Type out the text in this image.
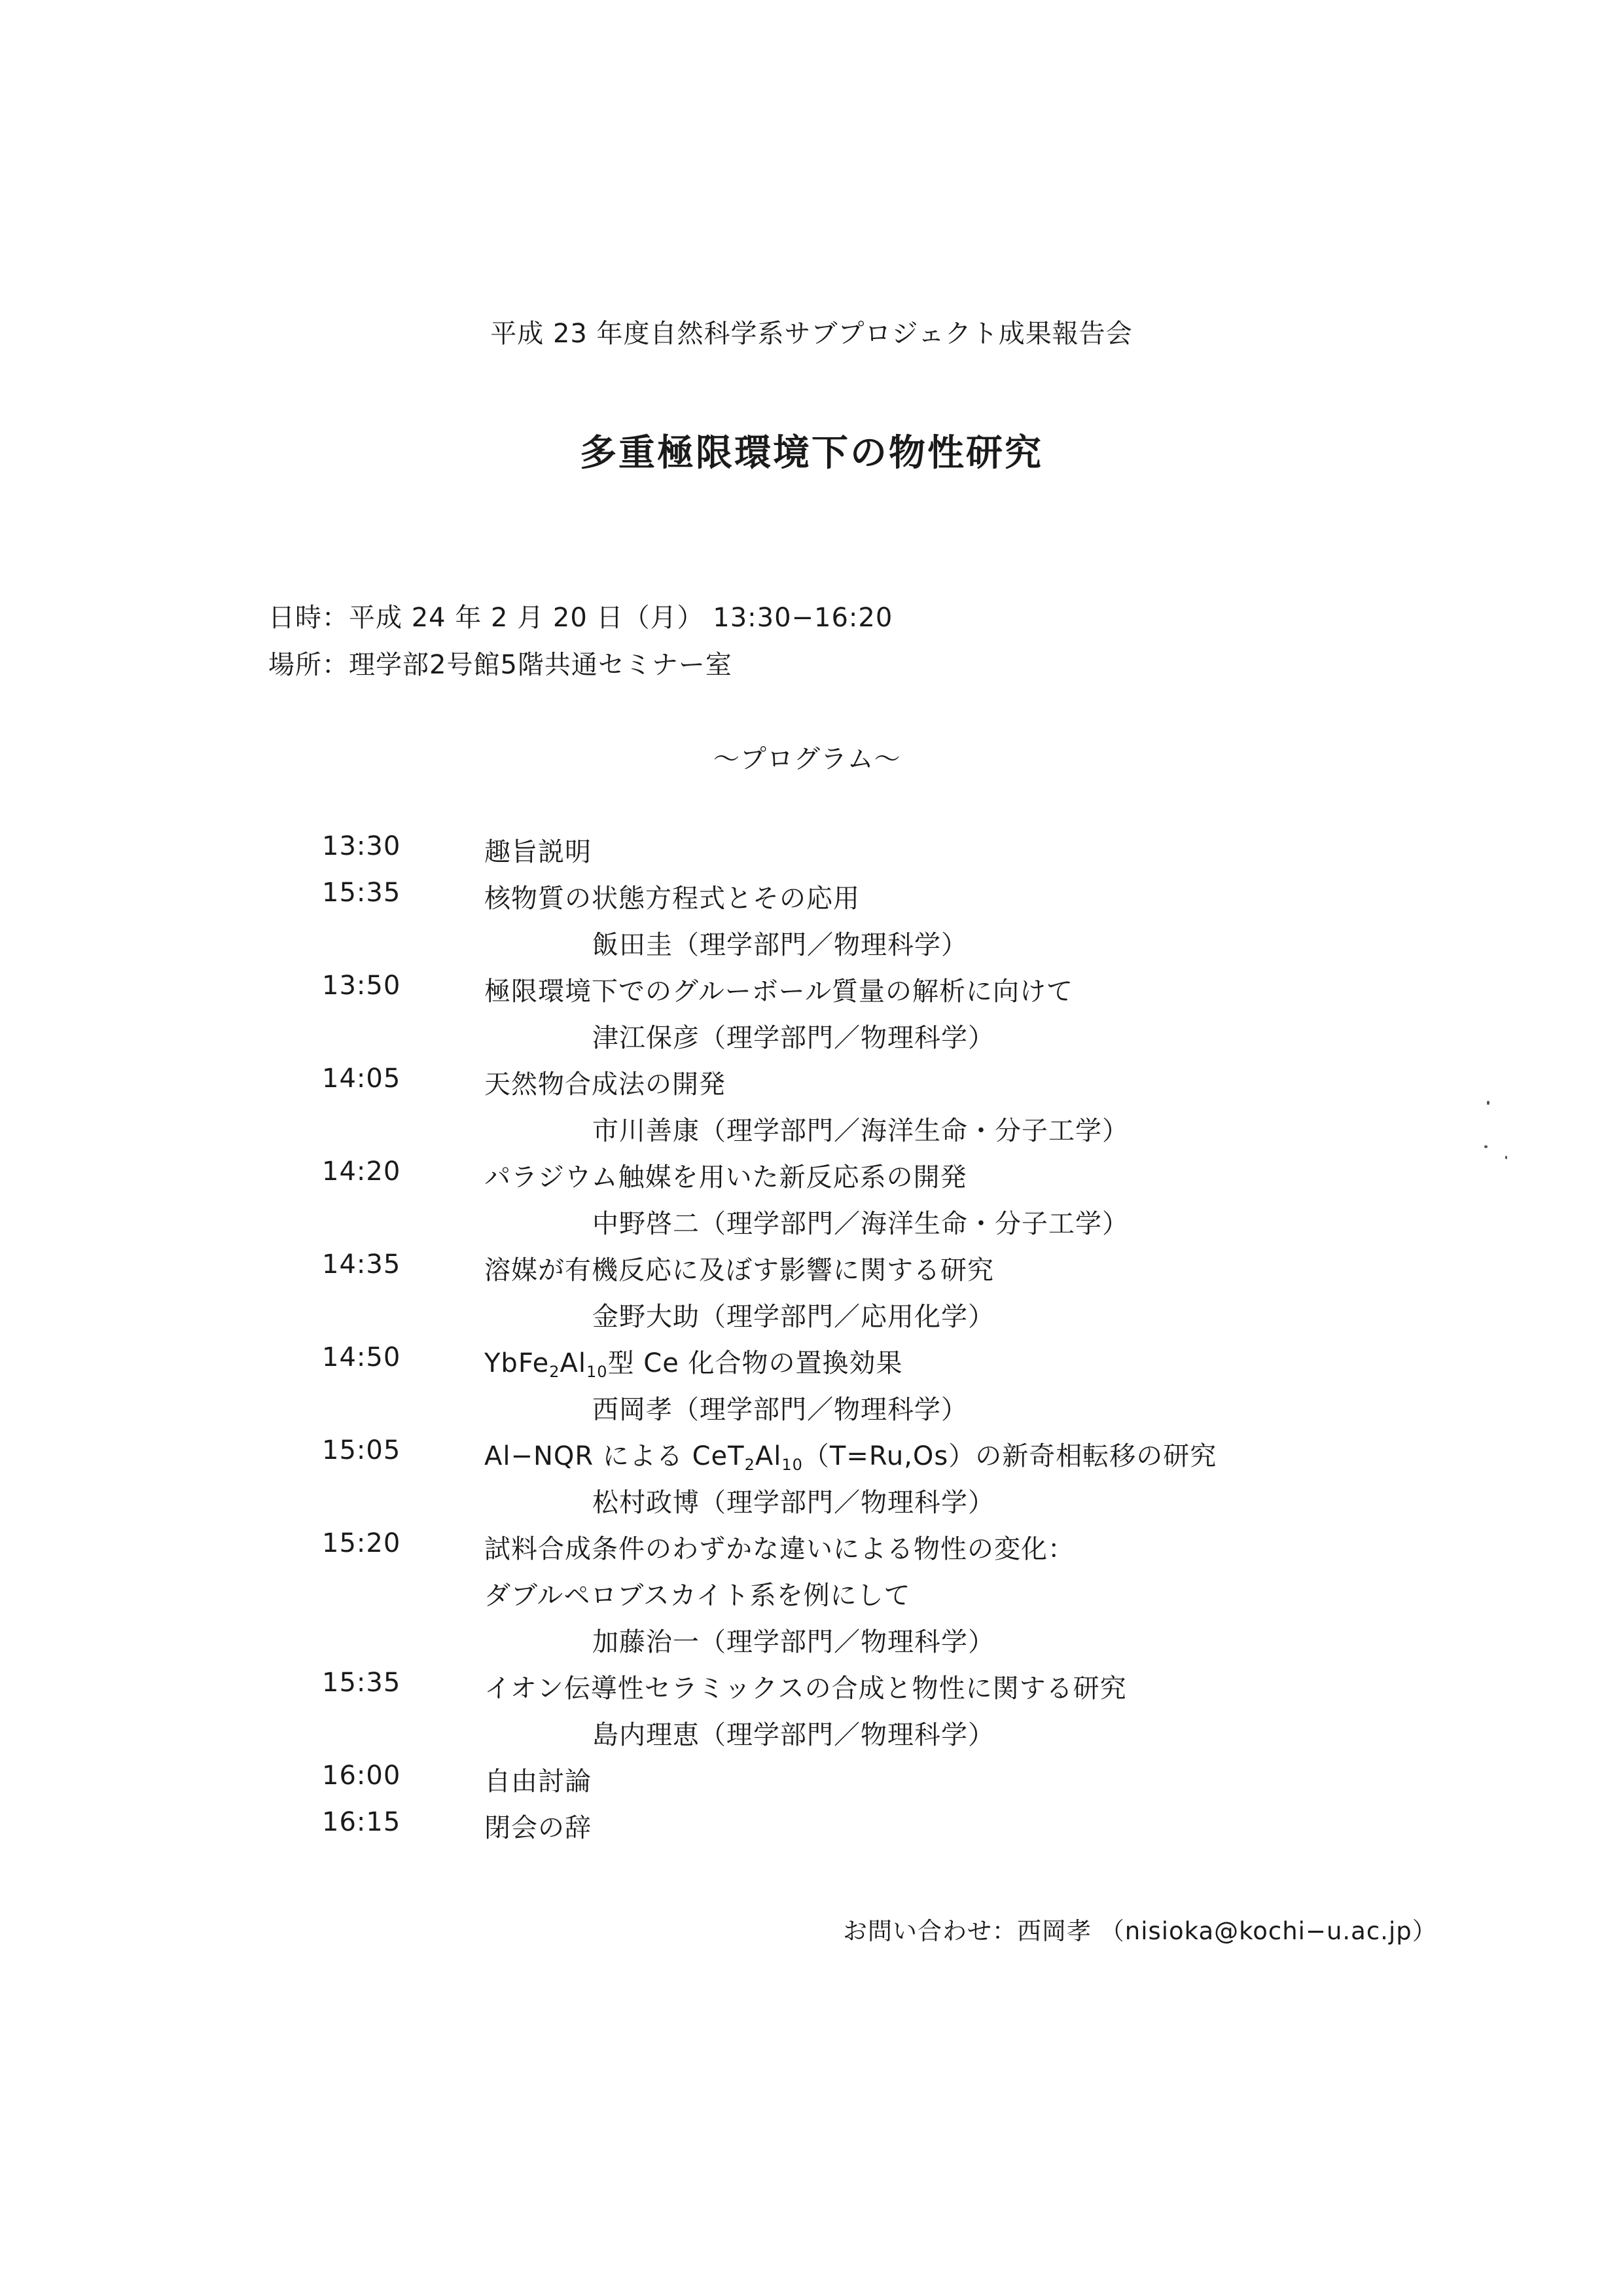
平成 23 年度自然科学系サブプロジェクト成果報告会
多重極限環境下の物性研究
日時：平成 24 年 2 月 20 日（月） 13:30−16:20
場所：理学部2号館5階共通セミナー室
〜プログラム〜
13:30	趣旨説明
15:35	核物質の状態方程式とその応用
飯田圭（理学部門／物理科学）
13:50	極限環境下でのグルーボール質量の解析に向けて
津江保彦（理学部門／物理科学）
14:05	天然物合成法の開発
市川善康（理学部門／海洋生命・分子工学）
14:20	パラジウム触媒を用いた新反応系の開発
中野啓二（理学部門／海洋生命・分子工学）
14:35	溶媒が有機反応に及ぼす影響に関する研究
金野大助（理学部門／応用化学）
14:50	$YbFe_2Al_{10}$型 Ce 化合物の置換効果
西岡孝（理学部門／物理科学）
15:05	Al−NQR による $CeT_2Al_{10}(T=Ru,Os)$の新奇相転移の研究
松村政博（理学部門／物理科学）
15:20	試料合成条件のわずかな違いによる物性の変化：
ダブルペロブスカイト系を例にして
加藤治一（理学部門／物理科学）
15:35	イオン伝導性セラミックスの合成と物性に関する研究
島内理恵（理学部門／物理科学）
16:00	自由討論
16:15	閉会の辞
お問い合わせ：西岡孝 （nisioka@kochi−u.ac.jp）
